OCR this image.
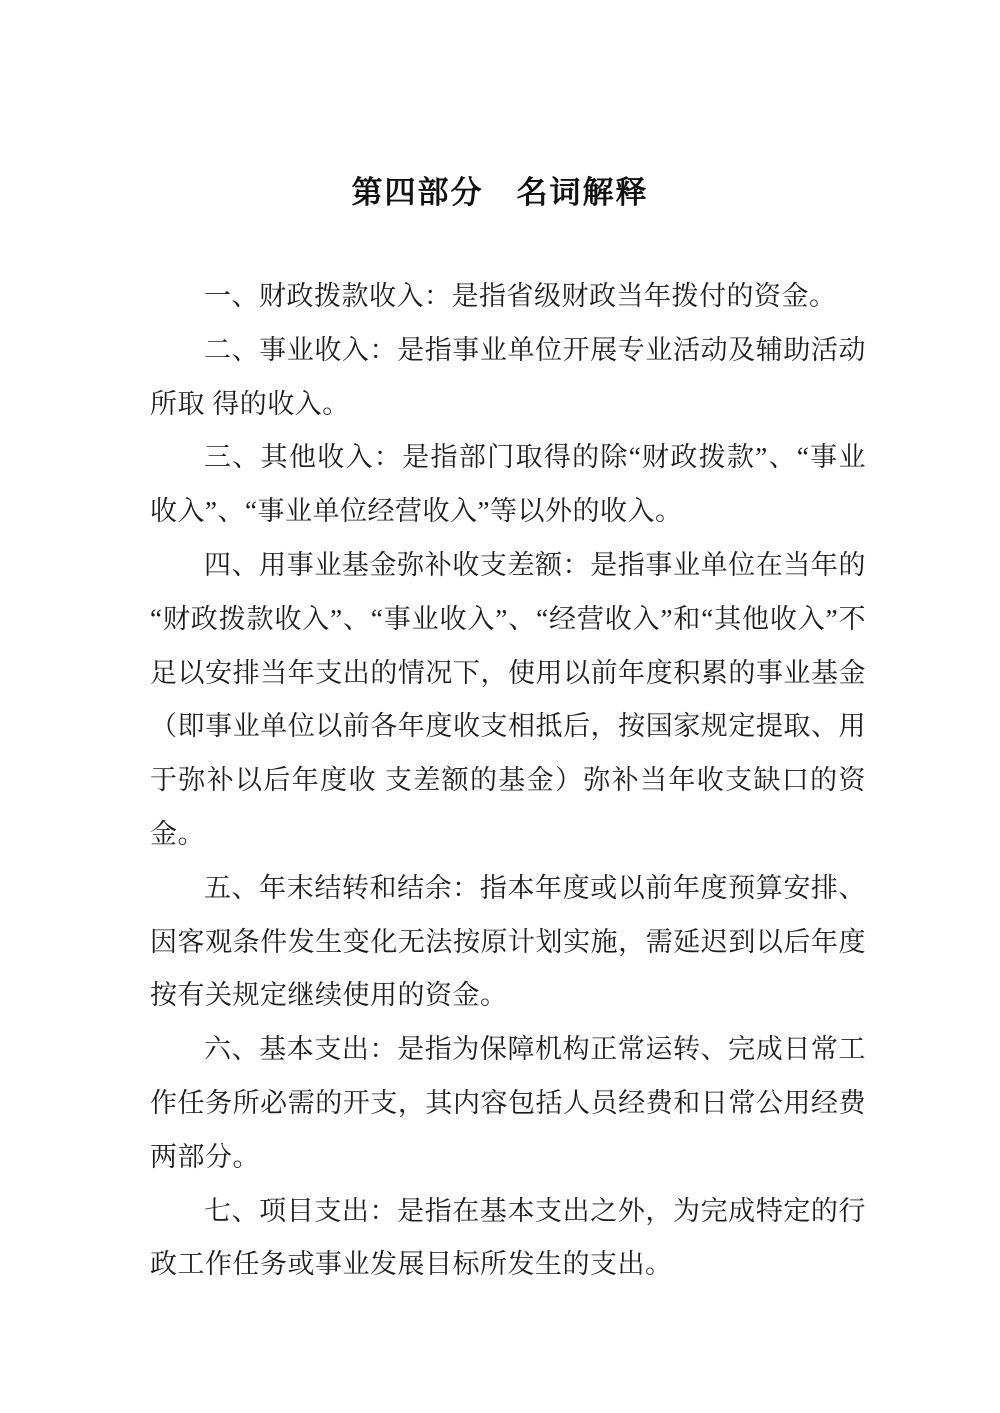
第四部分　名词解释

一、财政拨款收入：是指省级财政当年拨付的资金。

二、事业收入：是指事业单位开展专业活动及辅助活动所取 得的收入。

三、其他收入：是指部门取得的除“财政拨款”、“事业收入”、“事业单位经营收入”等以外的收入。

四、用事业基金弥补收支差额：是指事业单位在当年的“财政拨款收入”、“事业收入”、“经营收入”和“其他收入”不足以安排当年支出的情况下，使用以前年度积累的事业基金（即事业单位以前各年度收支相抵后，按国家规定提取、用于弥补以后年度收 支差额的基金）弥补当年收支缺口的资金。

五、年末结转和结余：指本年度或以前年度预算安排、因客观条件发生变化无法按原计划实施，需延迟到以后年度按有关规定继续使用的资金。

六、基本支出：是指为保障机构正常运转、完成日常工作任务所必需的开支，其内容包括人员经费和日常公用经费两部分。

七、项目支出：是指在基本支出之外，为完成特定的行政工作任务或事业发展目标所发生的支出。
